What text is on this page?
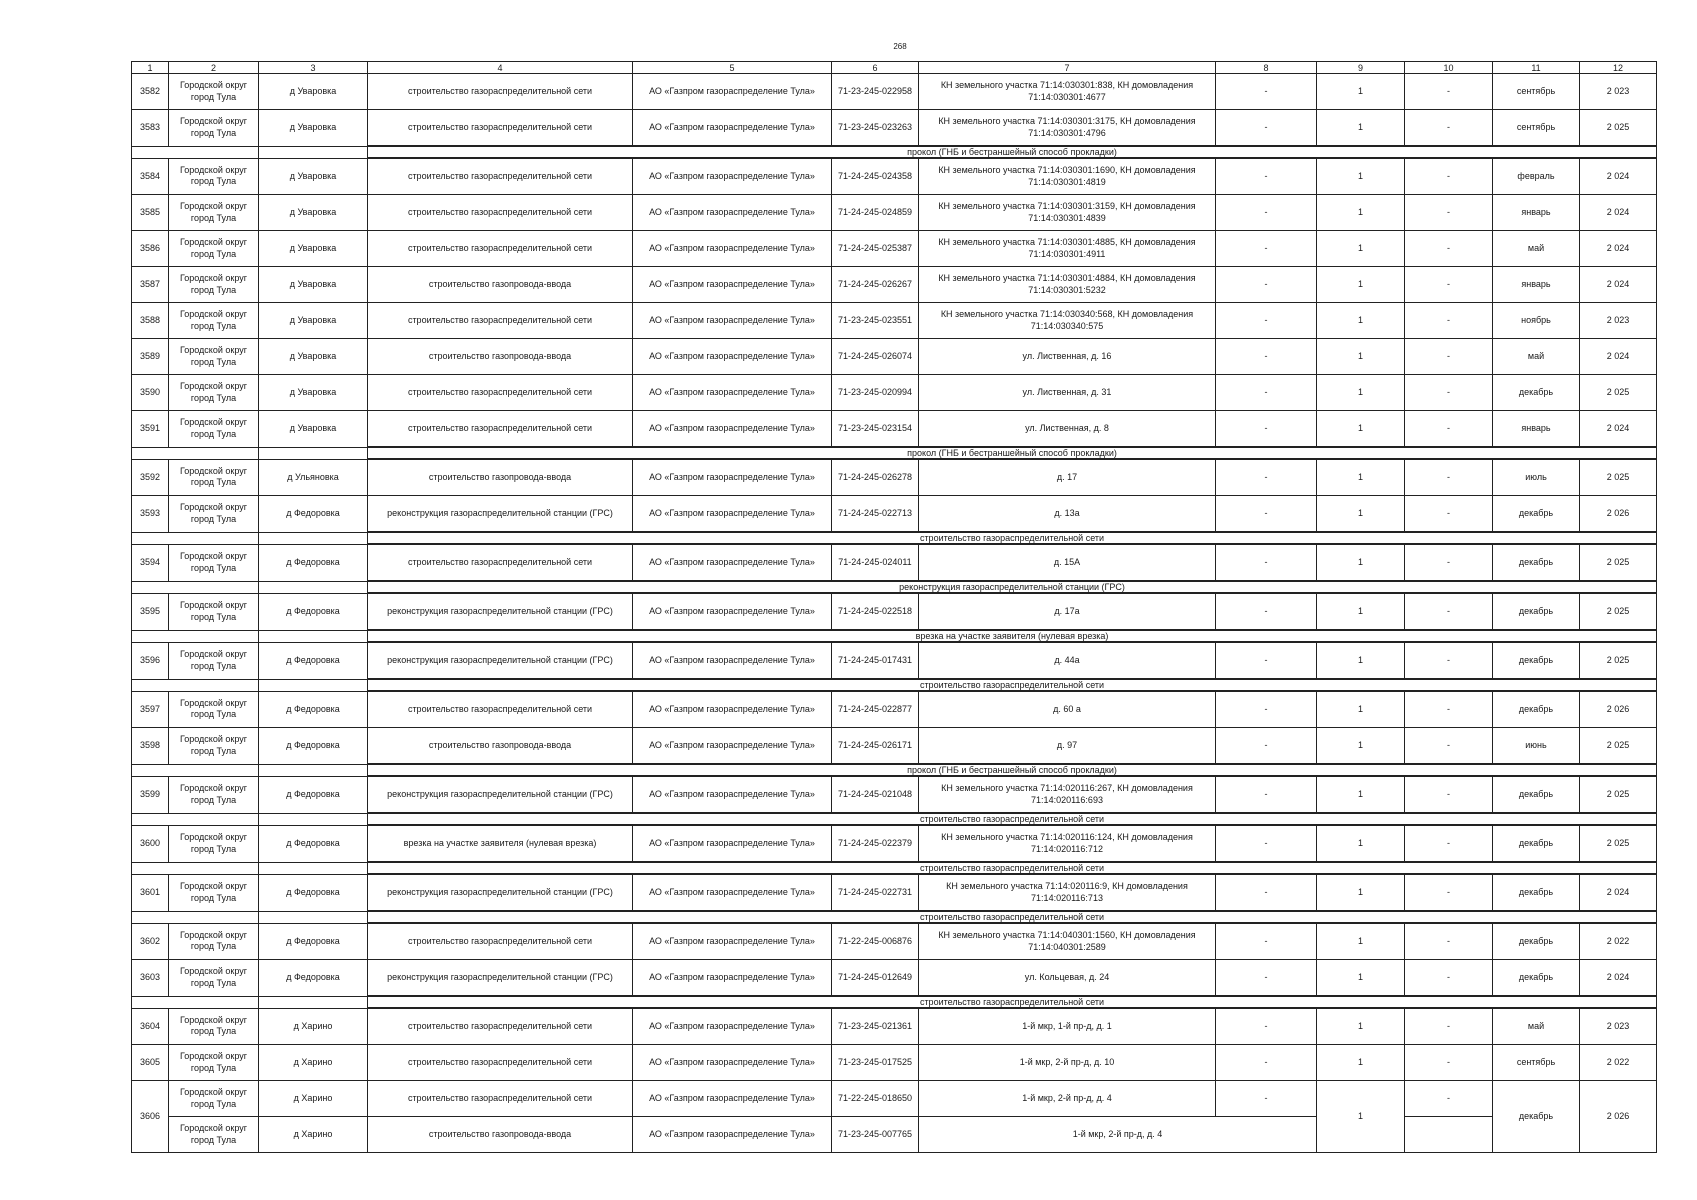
268
1	2	3	4	5	6	7	8	9	10	11	12
3582	Городской округ город Тула	д Уваровка	строительство газораспределительной сети	АО «Газпром газораспределение Тула»	71-23-245-022958	КН земельного участка 71:14:030301:838, КН домовладения 71:14:030301:4677	-	1	-	сентябрь	2 023
3583	Городской округ город Тула	д Уваровка	строительство газораспределительной сети	АО «Газпром газораспределение Тула»	71-23-245-023263	КН земельного участка 71:14:030301:3175, КН домовладения 71:14:030301:4796	-	1	-	сентябрь	2 025
			прокол (ГНБ и бестраншейный способ прокладки)								
3584	Городской округ город Тула	д Уваровка	строительство газораспределительной сети	АО «Газпром газораспределение Тула»	71-24-245-024358	КН земельного участка 71:14:030301:1690, КН домовладения 71:14:030301:4819	-	1	-	февраль	2 024
3585	Городской округ город Тула	д Уваровка	строительство газораспределительной сети	АО «Газпром газораспределение Тула»	71-24-245-024859	КН земельного участка 71:14:030301:3159, КН домовладения 71:14:030301:4839	-	1	-	январь	2 024
3586	Городской округ город Тула	д Уваровка	строительство газораспределительной сети	АО «Газпром газораспределение Тула»	71-24-245-025387	КН земельного участка 71:14:030301:4885, КН домовладения 71:14:030301:4911	-	1	-	май	2 024
3587	Городской округ город Тула	д Уваровка	строительство газопровода-ввода	АО «Газпром газораспределение Тула»	71-24-245-026267	КН земельного участка 71:14:030301:4884, КН домовладения 71:14:030301:5232	-	1	-	январь	2 024
3588	Городской округ город Тула	д Уваровка	строительство газораспределительной сети	АО «Газпром газораспределение Тула»	71-23-245-023551	КН земельного участка 71:14:030340:568, КН домовладения 71:14:030340:575	-	1	-	ноябрь	2 023
3589	Городской округ город Тула	д Уваровка	строительство газопровода-ввода	АО «Газпром газораспределение Тула»	71-24-245-026074	ул. Лиственная, д. 16	-	1	-	май	2 024
3590	Городской округ город Тула	д Уваровка	строительство газораспределительной сети	АО «Газпром газораспределение Тула»	71-23-245-020994	ул. Лиственная, д. 31	-	1	-	декабрь	2 025
3591	Городской округ город Тула	д Уваровка	строительство газораспределительной сети	АО «Газпром газораспределение Тула»	71-23-245-023154	ул. Лиственная, д. 8	-	1	-	январь	2 024
			прокол (ГНБ и бестраншейный способ прокладки)								
3592	Городской округ город Тула	д Ульяновка	строительство газопровода-ввода	АО «Газпром газораспределение Тула»	71-24-245-026278	д. 17	-	1	-	июль	2 025
3593	Городской округ город Тула	д Федоровка	реконструкция газораспределительной станции (ГРС)	АО «Газпром газораспределение Тула»	71-24-245-022713	д. 13а	-	1	-	декабрь	2 026
			строительство газораспределительной сети								
3594	Городской округ город Тула	д Федоровка	строительство газораспределительной сети	АО «Газпром газораспределение Тула»	71-24-245-024011	д. 15А	-	1	-	декабрь	2 025
			реконструкция газораспределительной станции (ГРС)								
3595	Городской округ город Тула	д Федоровка	реконструкция газораспределительной станции (ГРС)	АО «Газпром газораспределение Тула»	71-24-245-022518	д. 17а	-	1	-	декабрь	2 025
			врезка на участке заявителя (нулевая врезка)								
3596	Городской округ город Тула	д Федоровка	реконструкция газораспределительной станции (ГРС)	АО «Газпром газораспределение Тула»	71-24-245-017431	д. 44а	-	1	-	декабрь	2 025
			строительство газораспределительной сети								
3597	Городской округ город Тула	д Федоровка	строительство газораспределительной сети	АО «Газпром газораспределение Тула»	71-24-245-022877	д. 60 а	-	1	-	декабрь	2 026
3598	Городской округ город Тула	д Федоровка	строительство газопровода-ввода	АО «Газпром газораспределение Тула»	71-24-245-026171	д. 97	-	1	-	июнь	2 025
			прокол (ГНБ и бестраншейный способ прокладки)								
3599	Городской округ город Тула	д Федоровка	реконструкция газораспределительной станции (ГРС)	АО «Газпром газораспределение Тула»	71-24-245-021048	КН земельного участка 71:14:020116:267, КН домовладения 71:14:020116:693	-	1	-	декабрь	2 025
			строительство газораспределительной сети								
3600	Городской округ город Тула	д Федоровка	врезка на участке заявителя (нулевая врезка)	АО «Газпром газораспределение Тула»	71-24-245-022379	КН земельного участка 71:14:020116:124, КН домовладения 71:14:020116:712	-	1	-	декабрь	2 025
			строительство газораспределительной сети								
3601	Городской округ город Тула	д Федоровка	реконструкция газораспределительной станции (ГРС)	АО «Газпром газораспределение Тула»	71-24-245-022731	КН земельного участка 71:14:020116:9, КН домовладения 71:14:020116:713	-	1	-	декабрь	2 024
			строительство газораспределительной сети								
3602	Городской округ город Тула	д Федоровка	строительство газораспределительной сети	АО «Газпром газораспределение Тула»	71-22-245-006876	КН земельного участка 71:14:040301:1560, КН домовладения 71:14:040301:2589	-	1	-	декабрь	2 022
3603	Городской округ город Тула	д Федоровка	реконструкция газораспределительной станции (ГРС)	АО «Газпром газораспределение Тула»	71-24-245-012649	ул. Кольцевая, д. 24	-	1	-	декабрь	2 024
			строительство газораспределительной сети								
3604	Городской округ город Тула	д Харино	строительство газораспределительной сети	АО «Газпром газораспределение Тула»	71-23-245-021361	1-й мкр, 1-й пр-д, д. 1	-	1	-	май	2 023
3605	Городской округ город Тула	д Харино	строительство газораспределительной сети	АО «Газпром газораспределение Тула»	71-23-245-017525	1-й мкр, 2-й пр-д, д. 10	-	1	-	сентябрь	2 022
3606	Городской округ город Тула	д Харино	строительство газораспределительной сети	АО «Газпром газораспределение Тула»	71-22-245-018650	1-й мкр, 2-й пр-д, д. 4	-	1	-	декабрь	2 026
	Городской округ город Тула	д Харино	строительство газопровода-ввода	АО «Газпром газораспределение Тула»	71-23-245-007765	1-й мкр, 2-й пр-д, д. 4					
